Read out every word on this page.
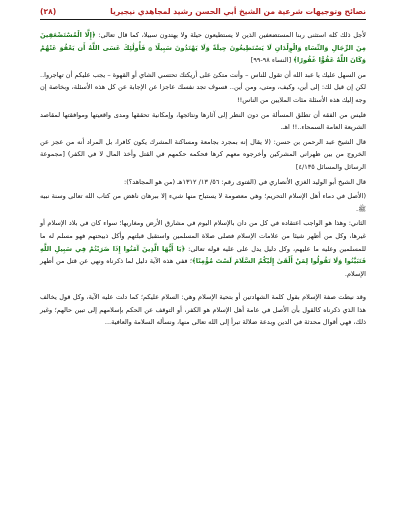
نصائح وتوجيهات شرعية من الشيخ أبي الحسن رشيد لمجاهدي نيجيريا
(٢٨)

لأجل ذلك كله استثنى ربنا المستضعفين الذين لا يستطيعون حيلة ولا يهتدون سبيلا، كما قال تعالى: ﴿إِلَّا الْمُسْتَضْعَفِينَ مِنَ الرِّجَالِ وَالنِّسَاءِ وَالْوِلْدَانِ لَا يَسْتَطِيعُونَ حِيلَةً وَلَا يَهْتَدُونَ سَبِيلًا ۞ فَأُولَٰئِكَ عَسَى اللَّهُ أَن يَعْفُوَ عَنْهُمْ وَكَانَ اللَّهُ عَفُوًّا غَفُورًا﴾ [النساء ٩٨-٩٩]

من السهل عليك يا عبد الله أن تقول للناس – وأنت متكئ على أريكتك تحتسي الشاي أو القهوة – يجب عليكم أن تهاجروا.. لكن إن قيل لك: إلى أين، وكيف، ومتى، ومن أين.. فسوف تجد نفسك عاجزا عن الإجابة عن كل هذه الأسئلة، وبخاصة إن وجه إليك هذه الأسئلة مئات الملايين من الناس!!

فليس من الفقه أن تطلق المسألة من دون النظر إلى آثارها ونتائجها، وإمكانية تحققها ومدى واقعيتها وموافقتها لمقاصد الشريعة العامة السمحاء..!! اهـ.

قال الشيخ عبد الرحمن بن حسن: (لا يقال إنه بمجرد بجامعة ومساكنة المشرك يكون كافرا، بل المراد أنه من عجز عن الخروج من بين ظهراني المشركين وأخرجوه معهم كرها فحكمه حكمهم في القتل وأخذ المال لا في الكفر) [مجموعة الرسائل والمسائل ٤/١٣٥]

قال الشيخ أبو الوليد الغزي الأنصاري في (الفتوى رقم: ٥٦/ ١٣/ ١٣١٢هـ (من هو المجاهد؟):

(الأصل في دماء أهل الإسلام التحريم؛ وهي معصومة لا يستباح منها شيء إلا ببرهان ناهض من كتاب الله تعالى وسنة نبيه ﷺ.

الثاني: وهذا هو الواجب اعتقاده في كل من دان بالإسلام اليوم في مشارق الأرض ومغاربها؛ سواء كان في بلاد الإسلام أو غيرها، وكل من أظهر شيئا من علامات الإسلام فصلى صلاة المسلمين واستقبل قبلتهم وأكل ذبيحتهم فهو مسلم له ما للمسلمين وعليه ما عليهم، وكل دليل يدل على عليه قوله تعالى: ﴿يَا أَيُّهَا الَّذِينَ آمَنُوا إِذَا ضَرَبْتُمْ فِي سَبِيلِ اللَّهِ فَتَبَيَّنُوا وَلَا تَقُولُوا لِمَنْ أَلْقَىٰ إِلَيْكُمُ السَّلَامَ لَسْتَ مُؤْمِنًا﴾؛ ففي هذه الآية دليل لما ذكرناه ونهي عن قتل من أظهر الإسلام.

وقد نيطت صفة الإسلام بقول كلمة الشهادتين أو بتحية الإسلام وهي: السلام عليكم؛ كما دلت عليه الآية، وكل قول يخالف هذا الذي ذكرناه كالقول بأن الأصل في عامة أهل الإسلام هو الكفر، أو التوقف عن الحكم بإسلامهم إلى تبين حالهم؛ وغير ذلك، فهي أقوال محدثة في الدين وبدعة ضلالة تبرأ إلى الله تعالى منها، ونسأله السلامة والعافية...
